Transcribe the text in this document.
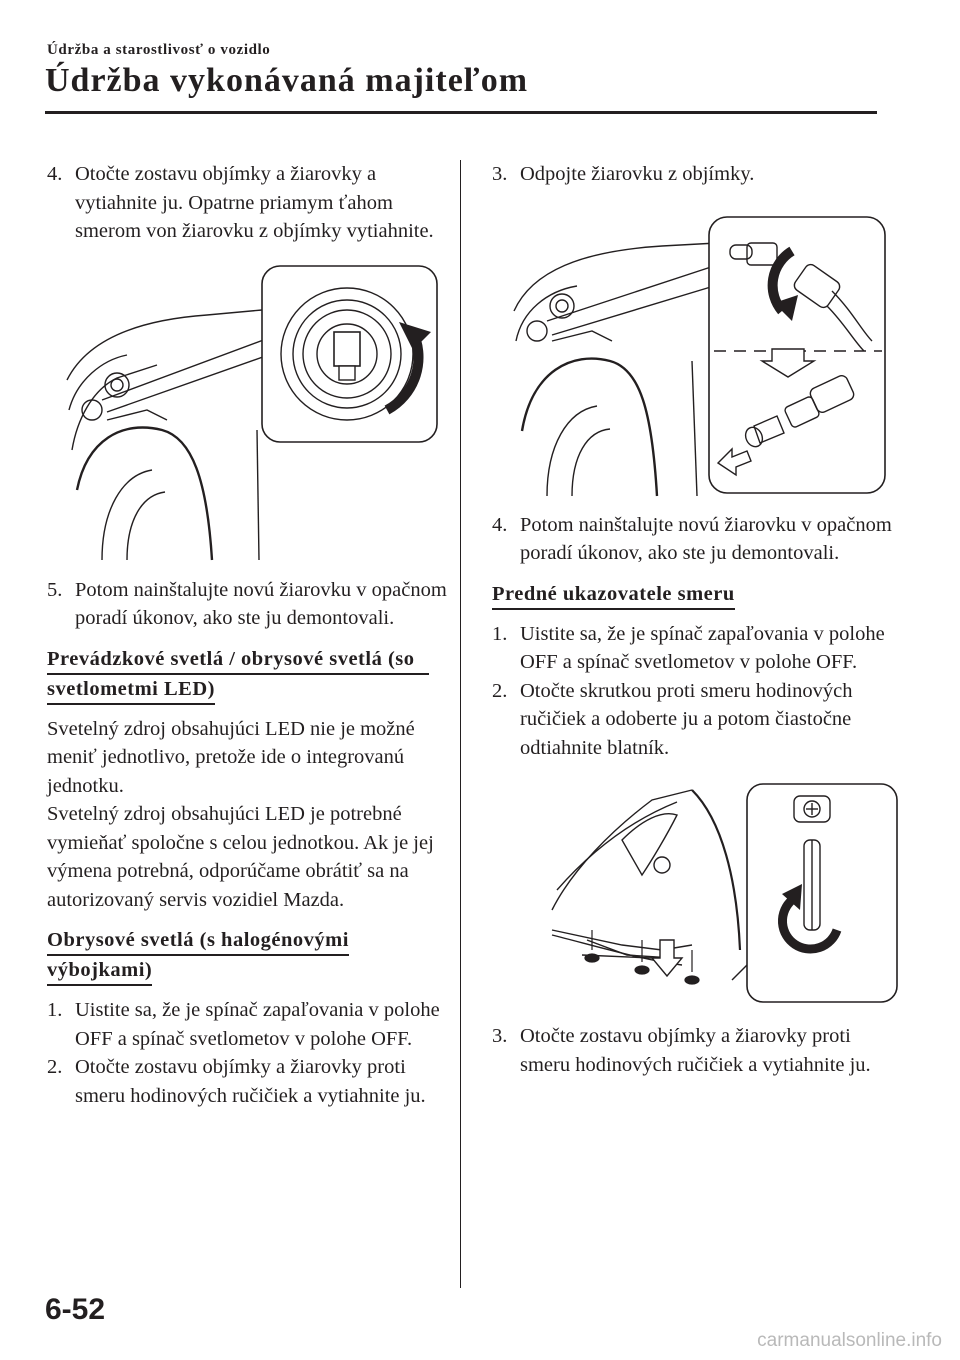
Údržba a starostlivosť o vozidlo
Údržba vykonávaná majiteľom
4. Otočte zostavu objímky a žiarovky a vytiahnite ju. Opatrne priamym ťahom smerom von žiarovku z objímky vytiahnite.
5. Potom nainštalujte novú žiarovku v opačnom poradí úkonov, ako ste ju demontovali.
Prevádzkové svetlá / obrysové svetlá (so
svetlometmi LED)
Svetelný zdroj obsahujúci LED nie je možné meniť jednotlivo, pretože ide o integrovanú jednotku.
Svetelný zdroj obsahujúci LED je potrebné vymieňať spoločne s celou jednotkou. Ak je jej výmena potrebná, odporúčame obrátiť sa na autorizovaný servis vozidiel Mazda.
Obrysové svetlá (s halogénovými
výbojkami)
1. Uistite sa, že je spínač zapaľovania v polohe OFF a spínač svetlometov v polohe OFF.
2. Otočte zostavu objímky a žiarovky proti smeru hodinových ručičiek a vytiahnite ju.
3. Odpojte žiarovku z objímky.
4. Potom nainštalujte novú žiarovku v opačnom poradí úkonov, ako ste ju demontovali.
Predné ukazovatele smeru
1. Uistite sa, že je spínač zapaľovania v polohe OFF a spínač svetlometov v polohe OFF.
2. Otočte skrutkou proti smeru hodinových ručičiek a odoberte ju a potom čiastočne odtiahnite blatník.
3. Otočte zostavu objímky a žiarovky proti smeru hodinových ručičiek a vytiahnite ju.
6-52
carmanualsonline.info
